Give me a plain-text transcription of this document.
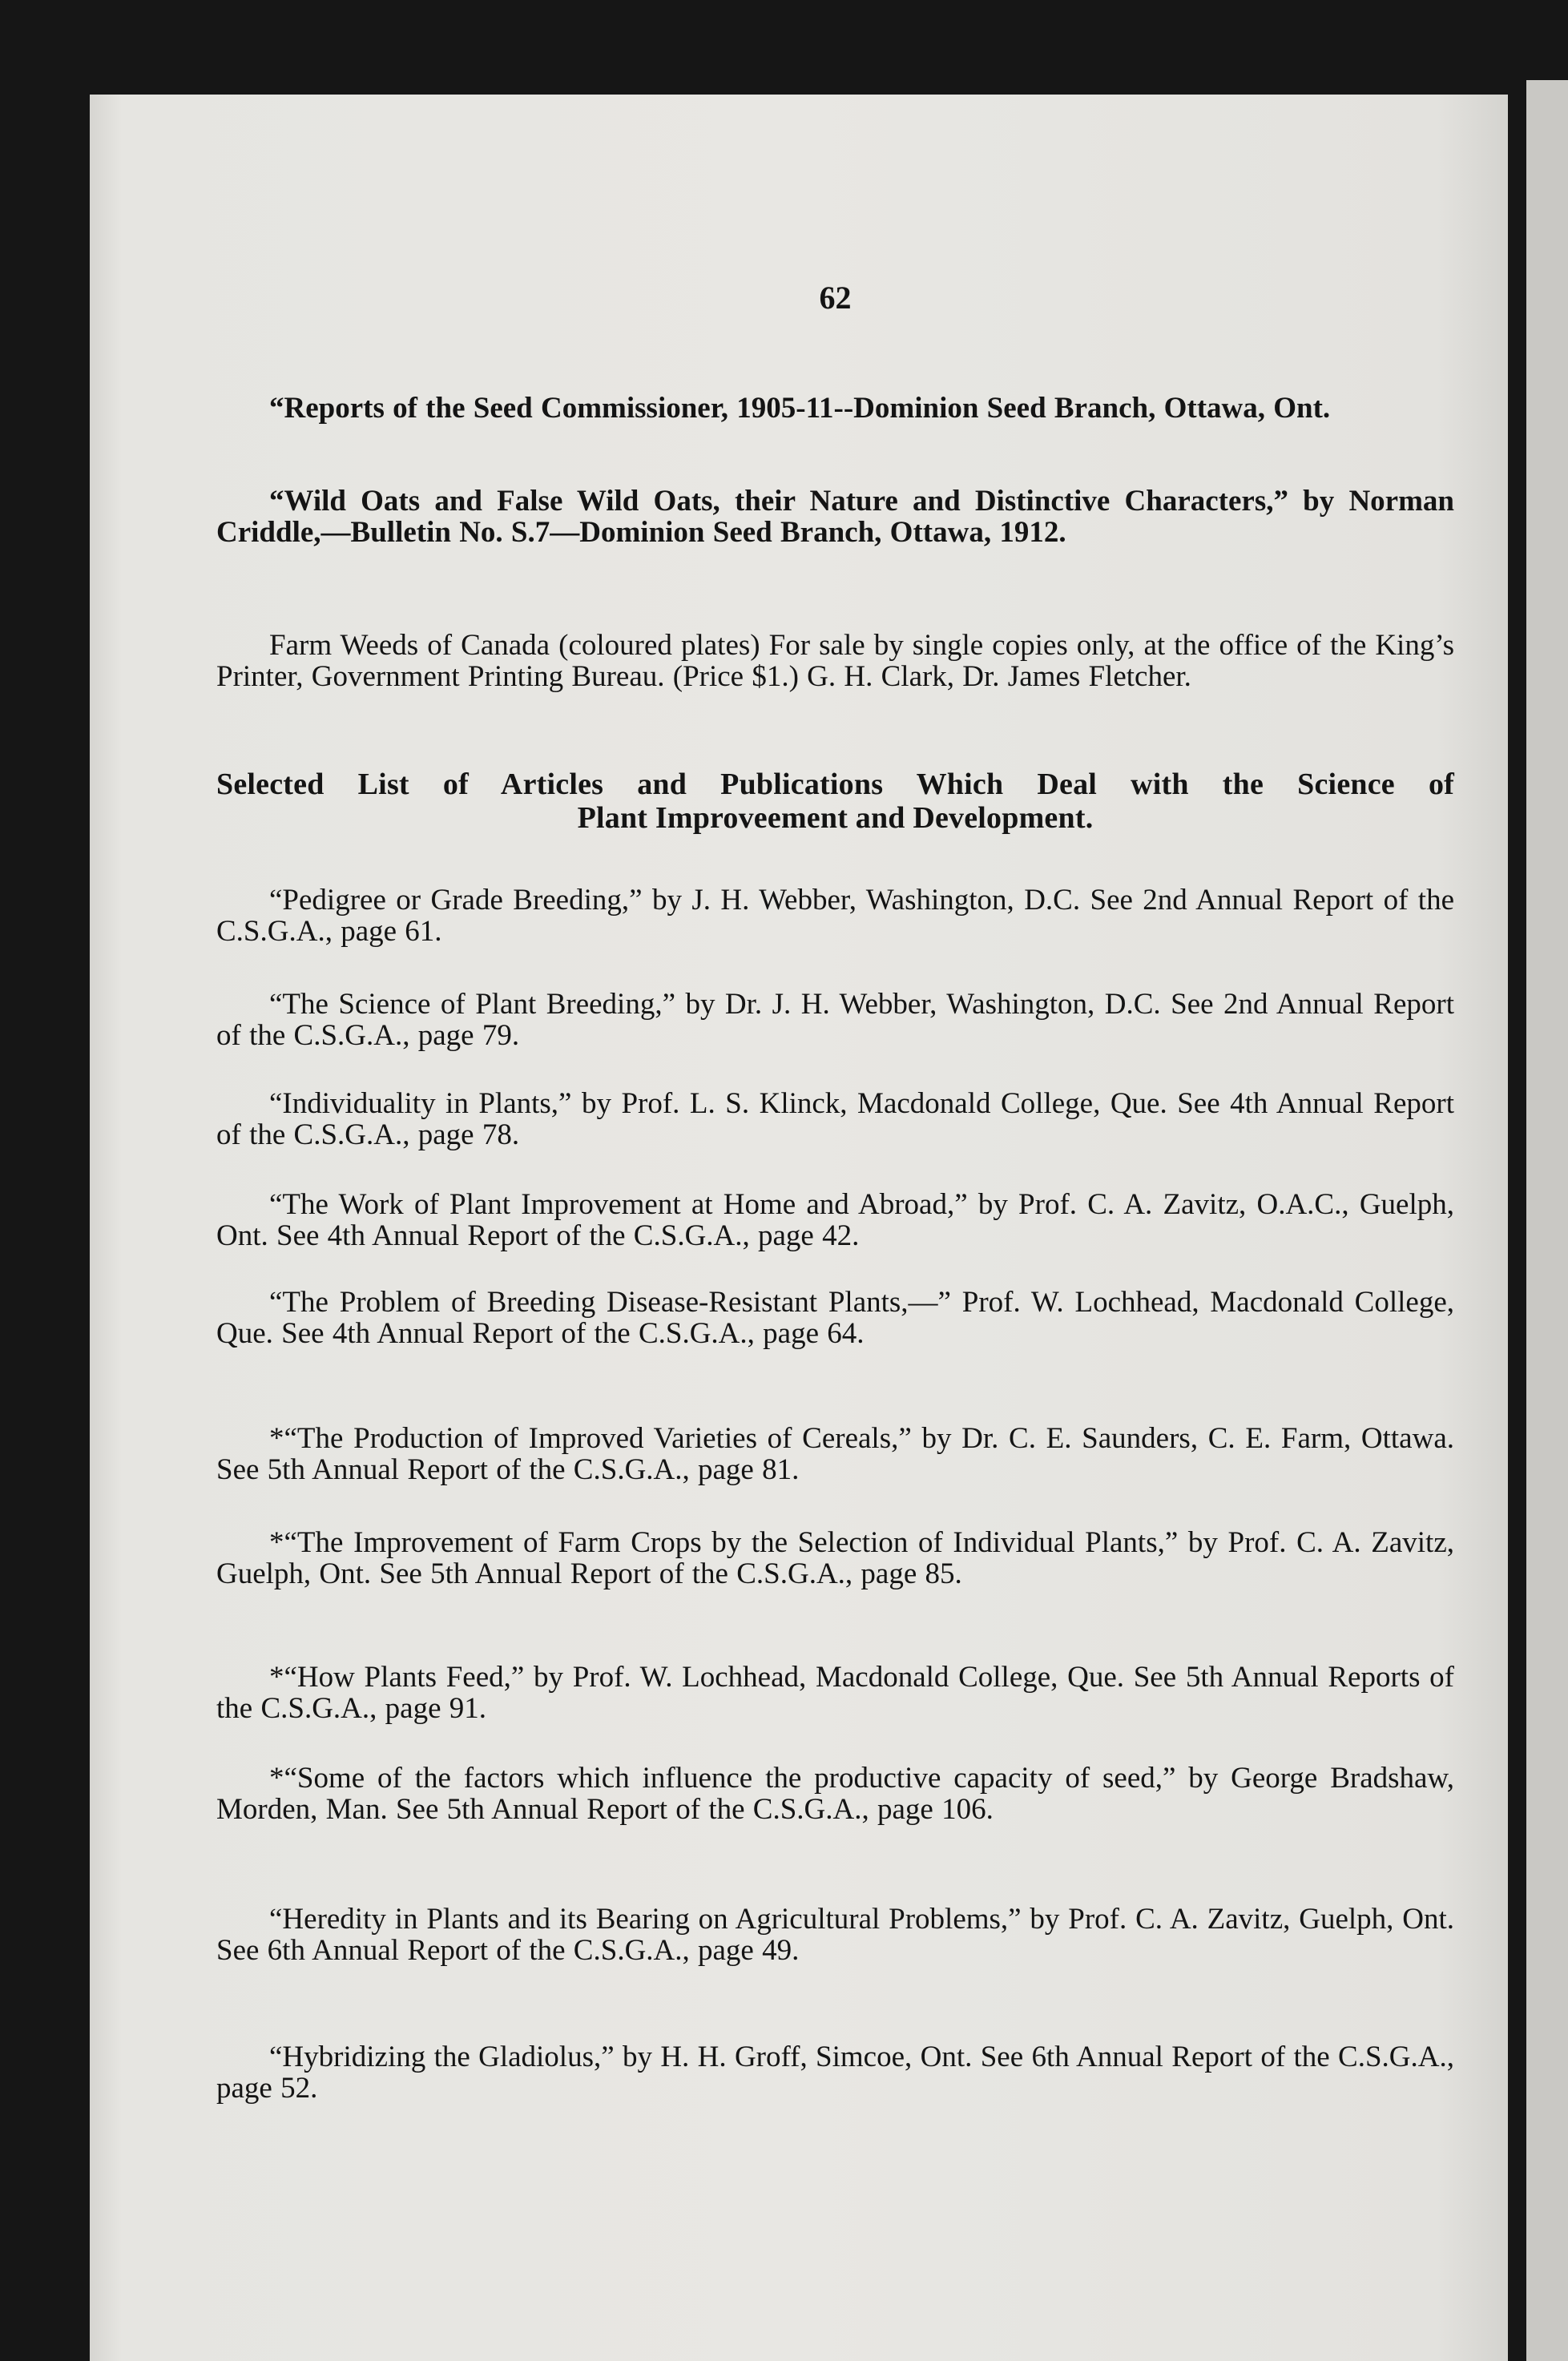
62

“Reports of the Seed Commissioner, 1905-11--Dominion Seed Branch, Ottawa, Ont.

“Wild Oats and False Wild Oats, their Nature and Distinctive Characters,” by Norman Criddle,—Bulletin No. S.7—Dominion Seed Branch, Ottawa, 1912.

Farm Weeds of Canada (coloured plates) For sale by single copies only, at the office of the King’s Printer, Government Printing Bureau. (Price $1.) G. H. Clark, Dr. James Fletcher.

Selected List of Articles and Publications Which Deal with the Science of
Plant Improveement and Development.

“Pedigree or Grade Breeding,” by J. H. Webber, Washington, D.C. See 2nd Annual Report of the C.S.G.A., page 61.

“The Science of Plant Breeding,” by Dr. J. H. Webber, Washington, D.C. See 2nd Annual Report of the C.S.G.A., page 79.

“Individuality in Plants,” by Prof. L. S. Klinck, Macdonald College, Que. See 4th Annual Report of the C.S.G.A., page 78.

“The Work of Plant Improvement at Home and Abroad,” by Prof. C. A. Zavitz, O.A.C., Guelph, Ont. See 4th Annual Report of the C.S.G.A., page 42.

“The Problem of Breeding Disease-Resistant Plants,—” Prof. W. Lochhead, Macdonald College, Que. See 4th Annual Report of the C.S.G.A., page 64.

*“The Production of Improved Varieties of Cereals,” by Dr. C. E. Saunders, C. E. Farm, Ottawa. See 5th Annual Report of the C.S.G.A., page 81.

*“The Improvement of Farm Crops by the Selection of Individual Plants,” by Prof. C. A. Zavitz, Guelph, Ont. See 5th Annual Report of the C.S.G.A., page 85.

*“How Plants Feed,” by Prof. W. Lochhead, Macdonald College, Que. See 5th Annual Reports of the C.S.G.A., page 91.

*“Some of the factors which influence the productive capacity of seed,” by George Bradshaw, Morden, Man. See 5th Annual Report of the C.S.G.A., page 106.

“Heredity in Plants and its Bearing on Agricultural Problems,” by Prof. C. A. Zavitz, Guelph, Ont. See 6th Annual Report of the C.S.G.A., page 49.

“Hybridizing the Gladiolus,” by H. H. Groff, Simcoe, Ont. See 6th Annual Report of the C.S.G.A., page 52.
